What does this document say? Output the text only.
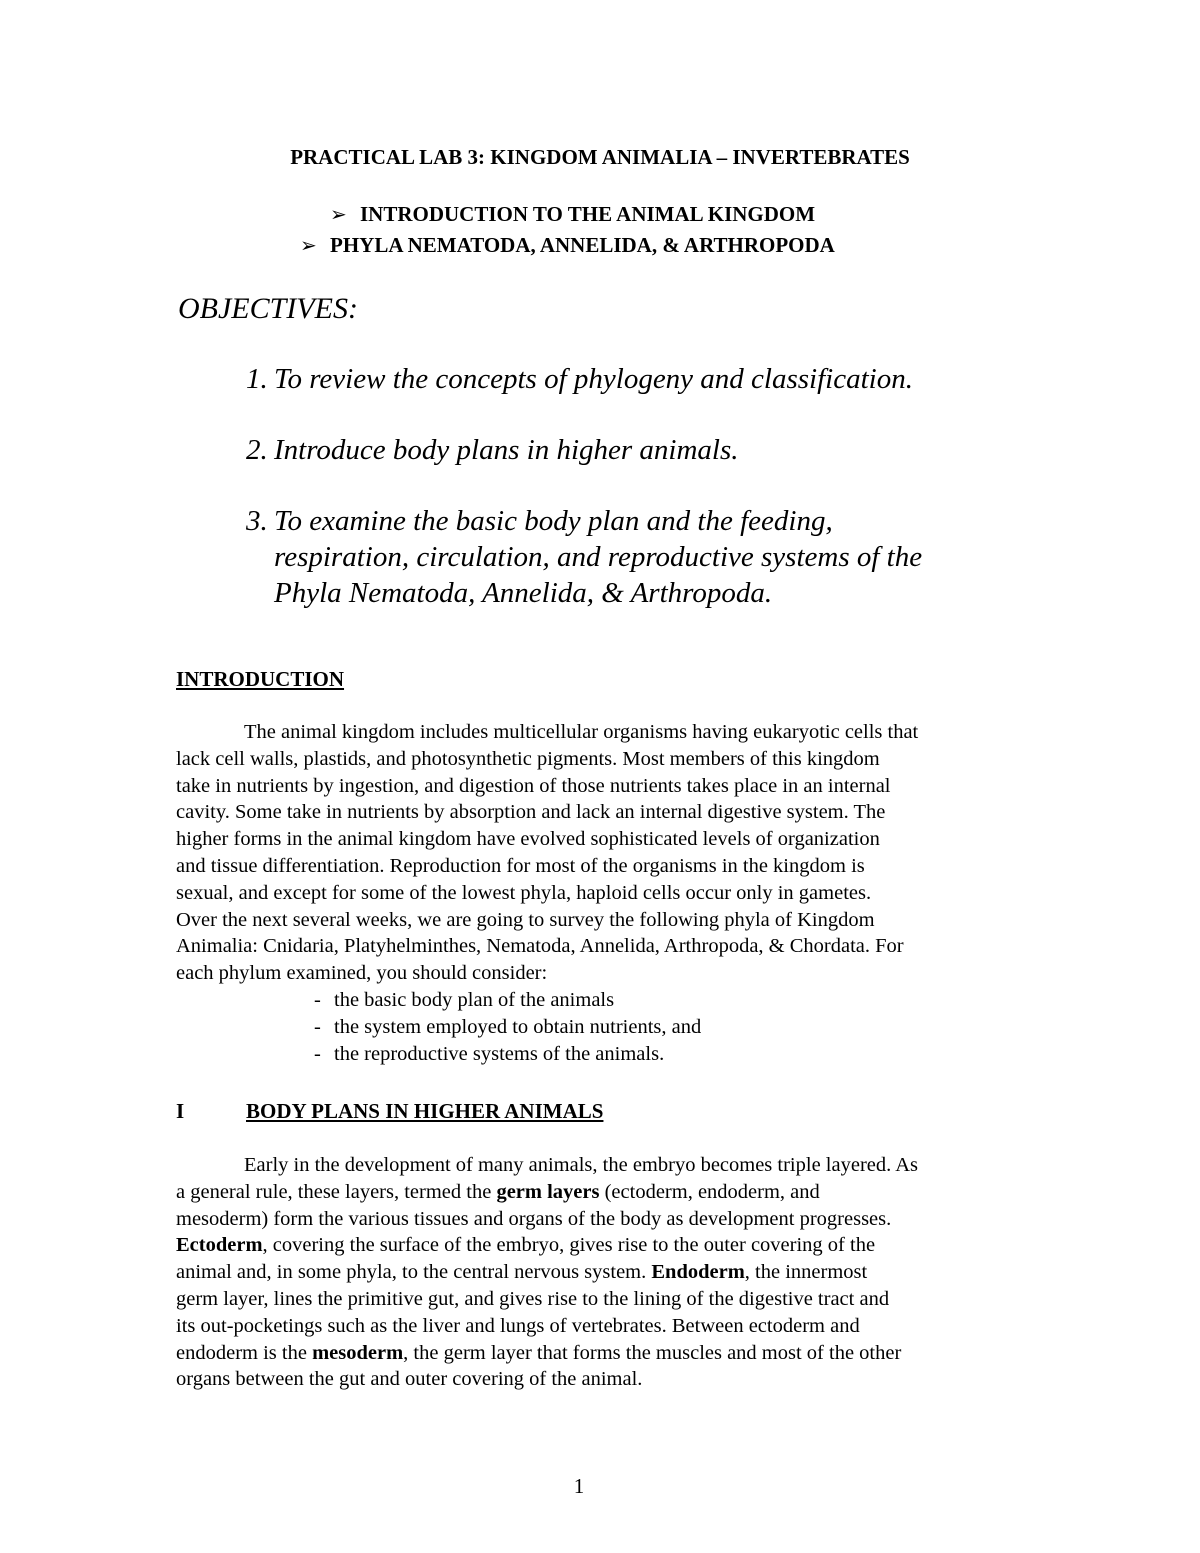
PRACTICAL LAB 3: KINGDOM ANIMALIA – INVERTEBRATES
➢ INTRODUCTION TO THE ANIMAL KINGDOM
➢ PHYLA NEMATODA, ANNELIDA, & ARTHROPODA
OBJECTIVES:
1. To review the concepts of phylogeny and classification.
2. Introduce body plans in higher animals.
3. To examine the basic body plan and the feeding,
respiration, circulation, and reproductive systems of the
Phyla Nematoda, Annelida, & Arthropoda.
INTRODUCTION
The animal kingdom includes multicellular organisms having eukaryotic cells that
lack cell walls, plastids, and photosynthetic pigments. Most members of this kingdom
take in nutrients by ingestion, and digestion of those nutrients takes place in an internal
cavity. Some take in nutrients by absorption and lack an internal digestive system. The
higher forms in the animal kingdom have evolved sophisticated levels of organization
and tissue differentiation. Reproduction for most of the organisms in the kingdom is
sexual, and except for some of the lowest phyla, haploid cells occur only in gametes.
Over the next several weeks, we are going to survey the following phyla of Kingdom
Animalia: Cnidaria, Platyhelminthes, Nematoda, Annelida, Arthropoda, & Chordata. For
each phylum examined, you should consider:
- the basic body plan of the animals
- the system employed to obtain nutrients, and
- the reproductive systems of the animals.
I	BODY PLANS IN HIGHER ANIMALS
Early in the development of many animals, the embryo becomes triple layered. As
a general rule, these layers, termed the germ layers (ectoderm, endoderm, and
mesoderm) form the various tissues and organs of the body as development progresses.
Ectoderm, covering the surface of the embryo, gives rise to the outer covering of the
animal and, in some phyla, to the central nervous system. Endoderm, the innermost
germ layer, lines the primitive gut, and gives rise to the lining of the digestive tract and
its out-pocketings such as the liver and lungs of vertebrates. Between ectoderm and
endoderm is the mesoderm, the germ layer that forms the muscles and most of the other
organs between the gut and outer covering of the animal.
1
